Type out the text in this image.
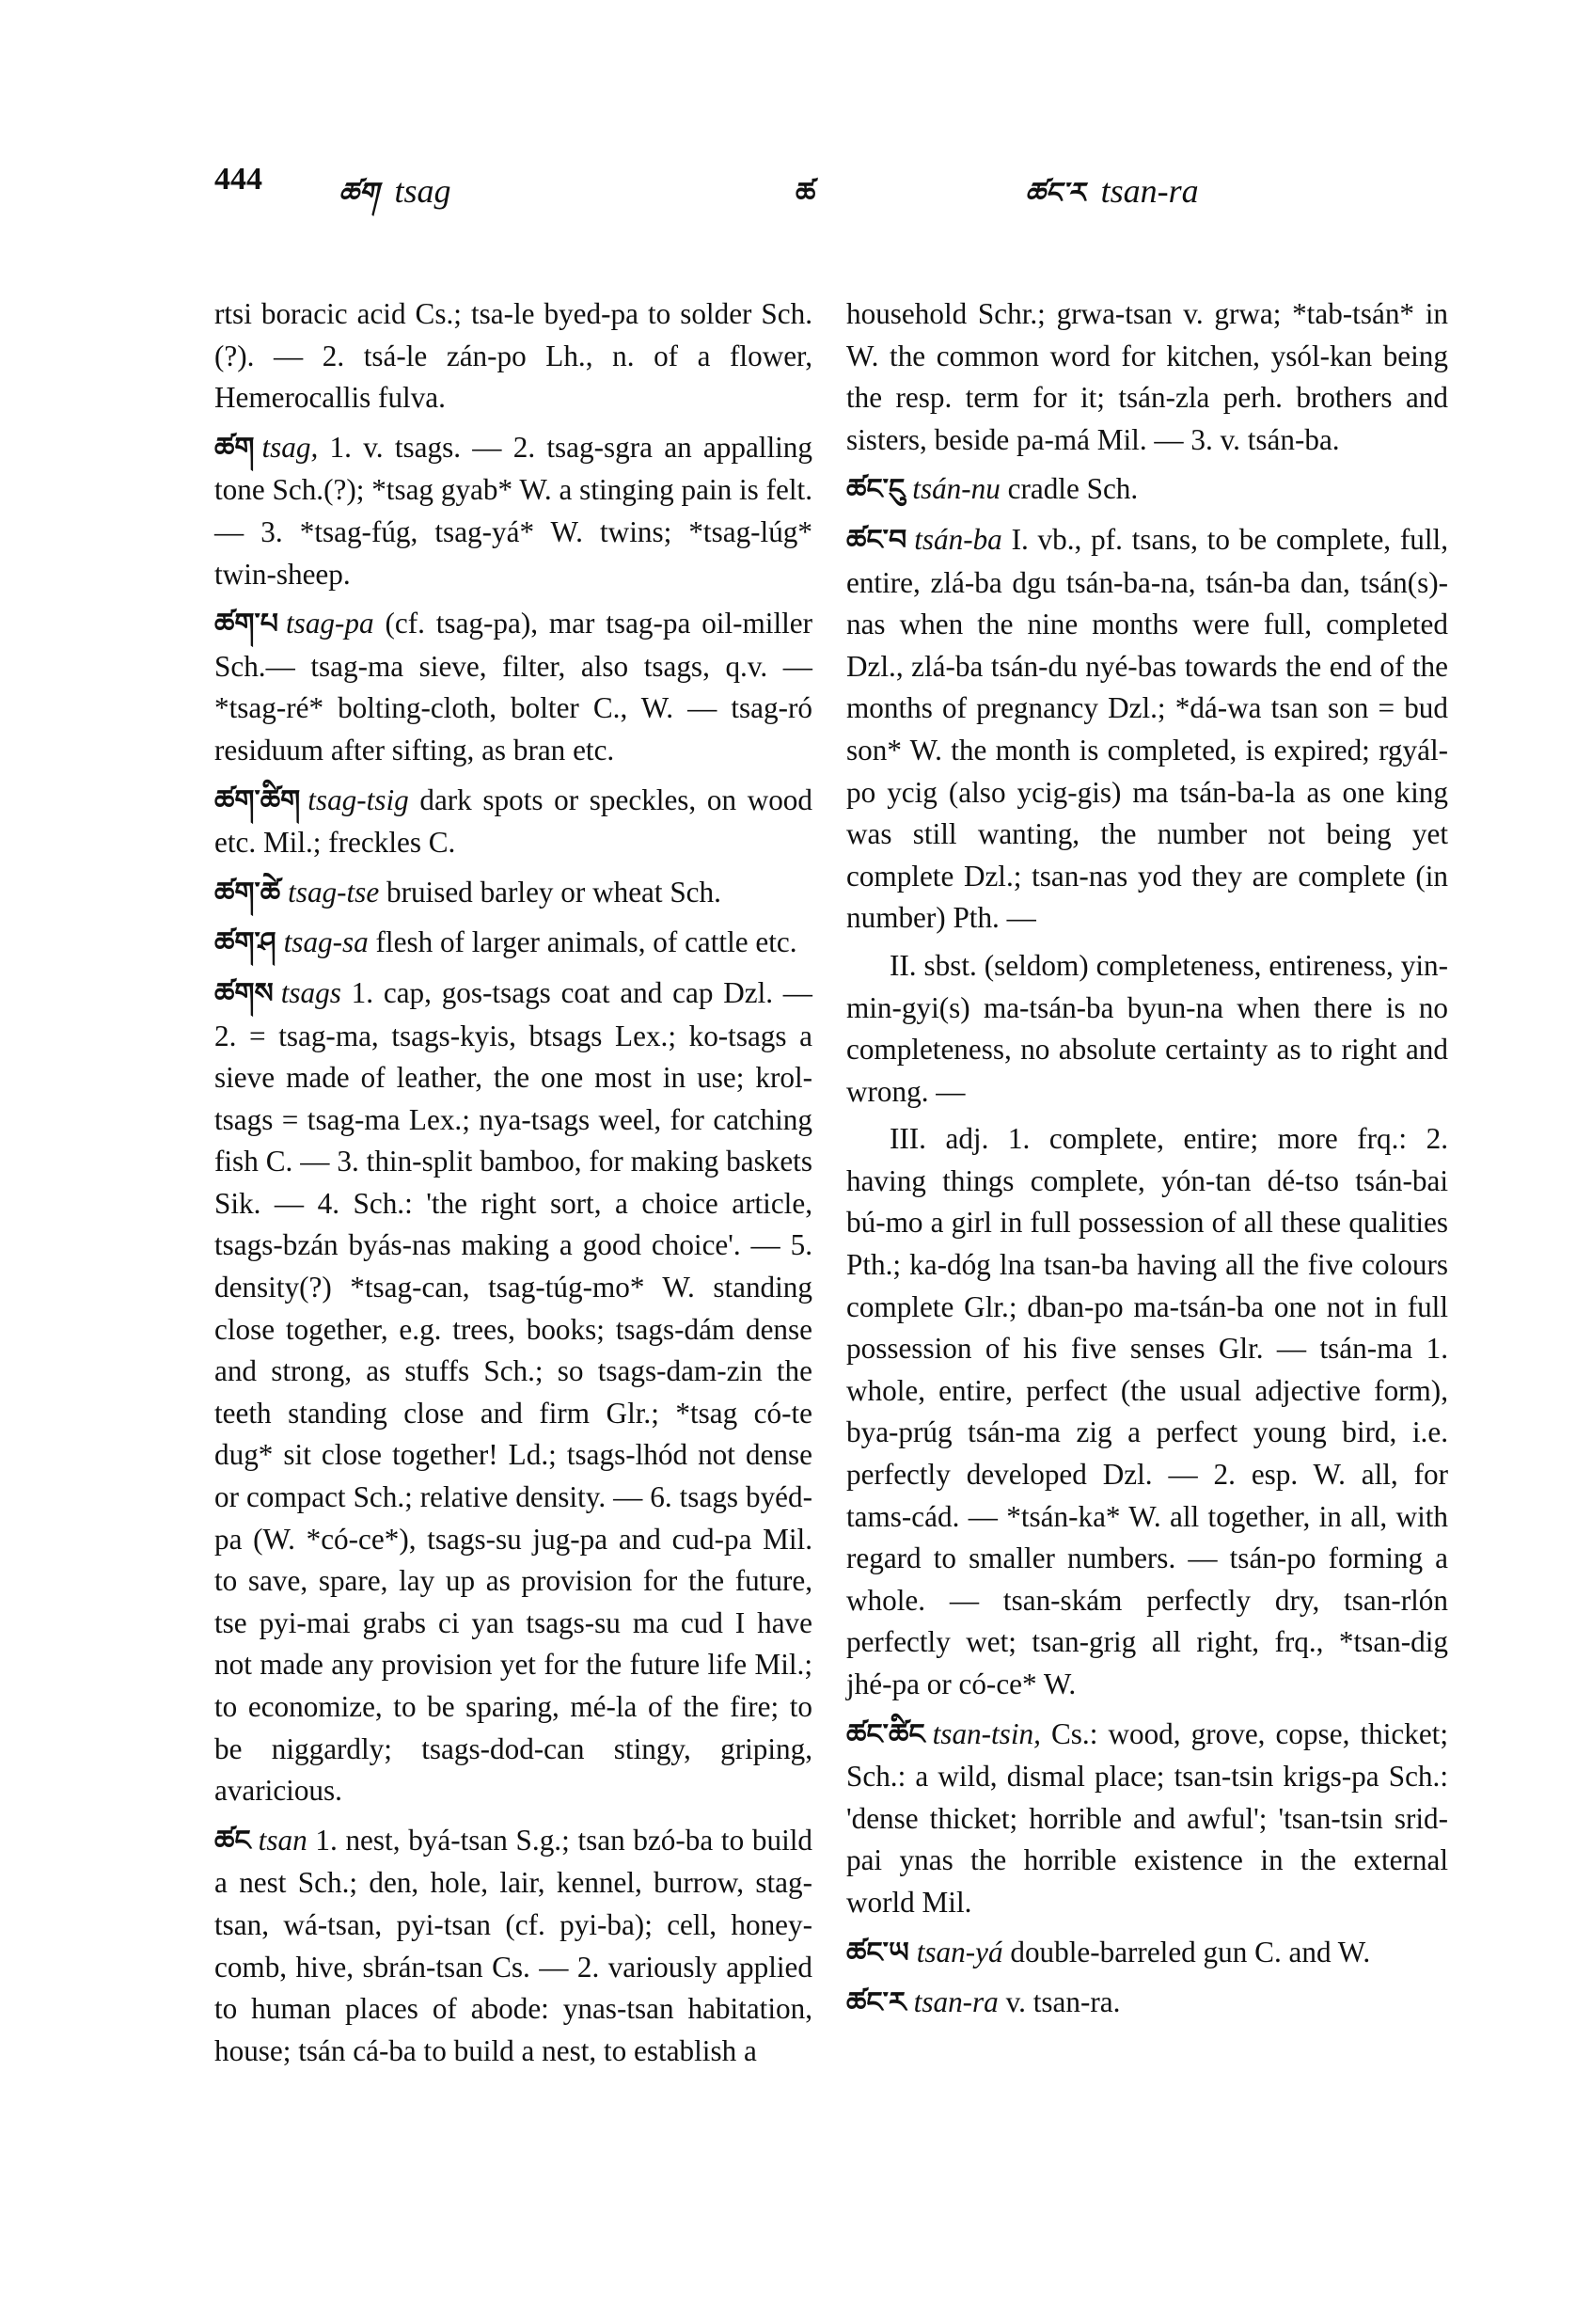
444	ཚག tsag	ཚ	ཚང་ར tsan-ra

rtsi boracic acid Cs.; tsa-le byed-pa to solder Sch.(?). — 2. tsá-le zán-po Lh., n. of a flower, Hemerocallis fulva.

ཚག tsag, 1. v. tsags. — 2. tsag-sgra an appalling tone Sch.(?); *tsag gyab* W. a stinging pain is felt. — 3. *tsag-fúg, tsag-yá* W. twins; *tsag-lúg* twin-sheep.

ཚག་པ tsag-pa (cf. tsag-pa), mar tsag-pa oil-miller Sch.— tsag-ma sieve, filter, also tsags, q.v. — *tsag-ré* bolting-cloth, bolter C., W. — tsag-ró residuum after sifting, as bran etc.

ཚག་ཚིག tsag-tsig dark spots or speckles, on wood etc. Mil.; freckles C.

ཚག་ཚེ tsag-tse bruised barley or wheat Sch.

ཚག་ཤ tsag-sa flesh of larger animals, of cattle etc.

ཚགས tsags 1. cap, gos-tsags coat and cap Dzl. — 2. = tsag-ma, tsags-kyis, btsags Lex.; ko-tsags a sieve made of leather, the one most in use; krol-tsags = tsag-ma Lex.; nya-tsags weel, for catching fish C. — 3. thin-split bamboo, for making baskets Sik. — 4. Sch.: 'the right sort, a choice article, tsags-bzán byás-nas making a good choice'. — 5. density(?) *tsag-can, tsag-túg-mo* W. standing close together, e.g. trees, books; tsags-dám dense and strong, as stuffs Sch.; so tsags-dam-zin the teeth standing close and firm Glr.; *tsag có-te dug* sit close together! Ld.; tsags-lhód not dense or compact Sch.; relative density. — 6. tsags byéd-pa (W. *có-ce*), tsags-su jug-pa and cud-pa Mil. to save, spare, lay up as provision for the future, tse pyi-mai grabs ci yan tsags-su ma cud I have not made any provision yet for the future life Mil.; to economize, to be sparing, mé-la of the fire; to be niggardly; tsags-dod-can stingy, griping, avaricious.

ཚང tsan 1. nest, byá-tsan S.g.; tsan bzó-ba to build a nest Sch.; den, hole, lair, kennel, burrow, stag-tsan, wá-tsan, pyi-tsan (cf. pyi-ba); cell, honey-comb, hive, sbrán-tsan Cs. — 2. variously applied to human places of abode: ynas-tsan habitation, house; tsán cá-ba to build a nest, to establish a

household Schr.; grwa-tsan v. grwa; *tab-tsán* in W. the common word for kitchen, ysól-kan being the resp. term for it; tsán-zla perh. brothers and sisters, beside pa-má Mil. — 3. v. tsán-ba.

ཚང་ངུ tsán-nu cradle Sch.

ཚང་བ tsán-ba I. vb., pf. tsans, to be complete, full, entire, zlá-ba dgu tsán-ba-na, tsán-ba dan, tsán(s)-nas when the nine months were full, completed Dzl., zlá-ba tsán-du nyé-bas towards the end of the months of pregnancy Dzl.; *dá-wa tsan son = bud son* W. the month is completed, is expired; rgyál-po ycig (also ycig-gis) ma tsán-ba-la as one king was still wanting, the number not being yet complete Dzl.; tsan-nas yod they are complete (in number) Pth. —

II. sbst. (seldom) completeness, entireness, yin-min-gyi(s) ma-tsán-ba byun-na when there is no completeness, no absolute certainty as to right and wrong. —

III. adj. 1. complete, entire; more frq.: 2. having things complete, yón-tan dé-tso tsán-bai bú-mo a girl in full possession of all these qualities Pth.; ka-dóg lna tsan-ba having all the five colours complete Glr.; dban-po ma-tsán-ba one not in full possession of his five senses Glr. — tsán-ma 1. whole, entire, perfect (the usual adjective form), bya-prúg tsán-ma zig a perfect young bird, i.e. perfectly developed Dzl. — 2. esp. W. all, for tams-cád. — *tsán-ka* W. all together, in all, with regard to smaller numbers. — tsán-po forming a whole. — tsan-skám perfectly dry, tsan-rlón perfectly wet; tsan-grig all right, frq., *tsan-dig jhé-pa or có-ce* W.

ཚང་ཚིང tsan-tsin, Cs.: wood, grove, copse, thicket; Sch.: a wild, dismal place; tsan-tsin krigs-pa Sch.: 'dense thicket; horrible and awful'; 'tsan-tsin srid-pai ynas the horrible existence in the external world Mil.

ཚང་ཡ tsan-yá double-barreled gun C. and W.

ཚང་ར tsan-ra v. tsan-ra.
